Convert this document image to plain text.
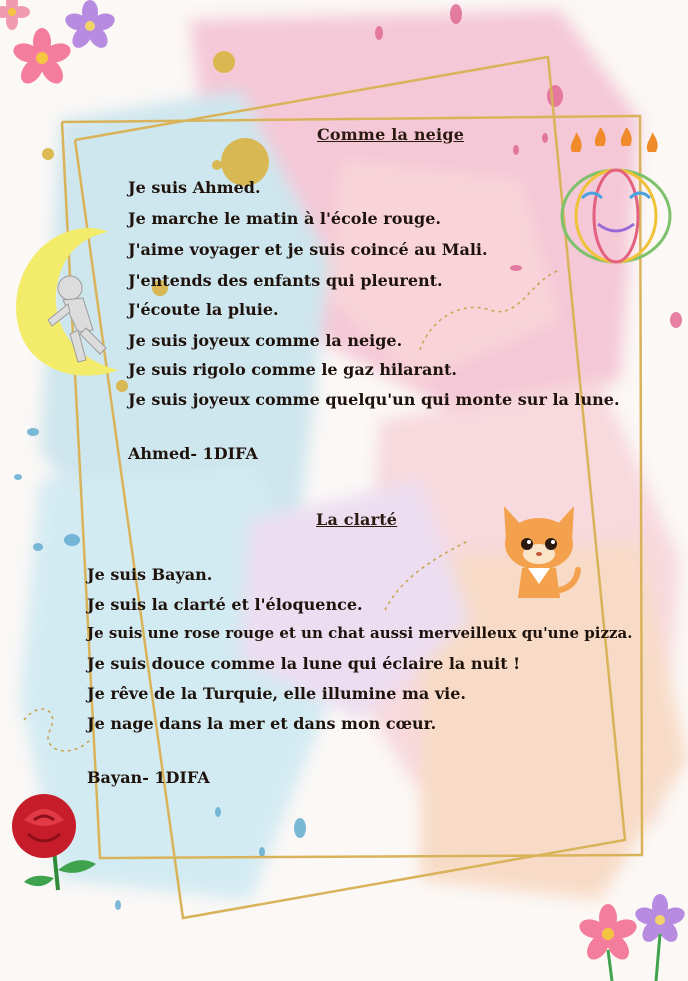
Comme la neige
Je suis Ahmed.
Je marche le matin à l'école rouge.
J'aime voyager et je suis coincé au Mali.
J'entends des enfants qui pleurent.
J'écoute la pluie.
Je suis joyeux comme la neige.
Je suis rigolo comme le gaz hilarant.
Je suis joyeux comme quelqu'un qui monte sur la lune.
Ahmed- 1DIFA
La clarté
Je suis Bayan.
Je suis la clarté et l'éloquence.
Je suis une rose rouge et un chat aussi merveilleux qu'une pizza.
Je suis douce comme la lune qui éclaire la nuit !
Je rêve de la Turquie, elle illumine ma vie.
Je nage dans la mer et dans mon cœur.
Bayan- 1DIFA
